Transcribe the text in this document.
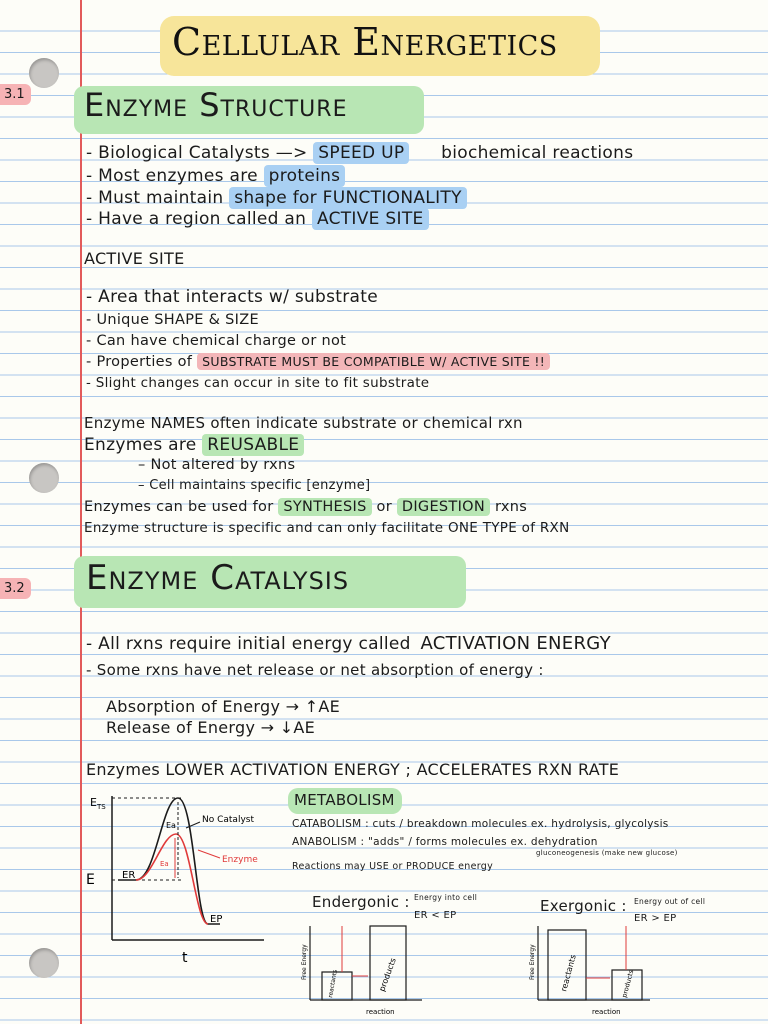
Cellular Energetics
3.1 Enzyme Structure
- Biological Catalysts —> SPEED UP biochemical reactions
- Most enzymes are proteins
- Must maintain shape for FUNCTIONALITY
- Have a region called an ACTIVE SITE
ACTIVE SITE
- Area that interacts w/ substrate
- Unique SHAPE & SIZE
- Can have chemical charge or not
- Properties of SUBSTRATE MUST BE COMPATIBLE W/ ACTIVE SITE !!
- Slight changes can occur in site to fit substrate
Enzyme NAMES often indicate substrate or chemical rxn
Enzymes are REUSABLE
– Not altered by rxns
– Cell maintains specific [enzyme]
Enzymes can be used for SYNTHESIS or DIGESTION rxns
Enzyme structure is specific and can only facilitate ONE TYPE of RXN
3.2 Enzyme Catalysis
- All rxns require initial energy called ACTIVATION ENERGY
- Some rxns have net release or net absorption of energy :
Absorption of Energy → ↑AE
Release of Energy → ↓AE
Enzymes LOWER ACTIVATION ENERGY ; ACCELERATES RXN RATE
$E_{TS}$
E	ER
EP
Ea
Ea
No Catalyst
Enzyme
t
METABOLISM
CATABOLISM : cuts / breakdown molecules ex. hydrolysis, glycolysis
ANABOLISM : "adds" / forms molecules ex. dehydration
gluconeogenesis (make new glucose)
Reactions may USE or PRODUCE energy
Endergonic : Energy into cell
ER < EP
Free Energy
reactants	products
reaction
Exergonic : Energy out of cell
ER > EP
Free Energy	reactants	products
reaction
